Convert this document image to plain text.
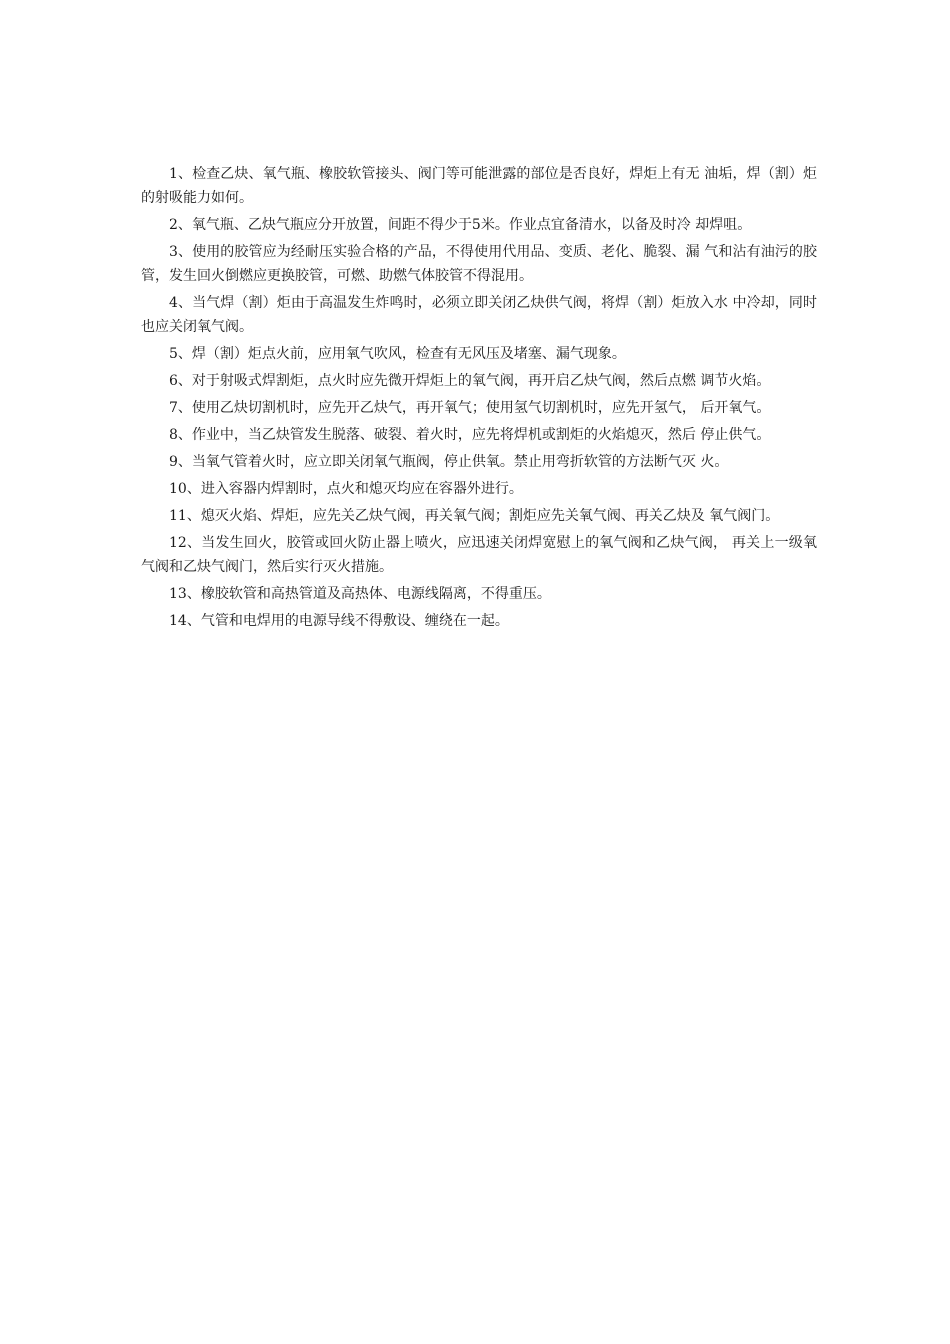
1、检查乙炔、氧气瓶、橡胶软管接头、阀门等可能泄露的部位是否良好，焊炬上有无 油垢，焊（割）炬的射吸能力如何。

2、氧气瓶、乙炔气瓶应分开放置，间距不得少于5米。作业点宜备清水，以备及时冷 却焊咀。

3、使用的胶管应为经耐压实验合格的产品，不得使用代用品、变质、老化、脆裂、漏 气和沾有油污的胶管，发生回火倒燃应更换胶管，可燃、助燃气体胶管不得混用。

4、当气焊（割）炬由于高温发生炸鸣时，必须立即关闭乙炔供气阀，将焊（割）炬放入水 中冷却，同时也应关闭氧气阀。

5、焊（割）炬点火前，应用氧气吹风，检查有无风压及堵塞、漏气现象。

6、对于射吸式焊割炬，点火时应先微开焊炬上的氧气阀，再开启乙炔气阀，然后点燃 调节火焰。

7、使用乙炔切割机时，应先开乙炔气，再开氧气；使用氢气切割机时，应先开氢气， 后开氧气。

8、作业中，当乙炔管发生脱落、破裂、着火时，应先将焊机或割炬的火焰熄灭，然后 停止供气。

9、当氧气管着火时，应立即关闭氧气瓶阀，停止供氧。禁止用弯折软管的方法断气灭 火。

10、进入容器内焊割时，点火和熄灭均应在容器外进行。

11、熄灭火焰、焊炬，应先关乙炔气阀，再关氧气阀；割炬应先关氧气阀、再关乙炔及 氧气阀门。

12、当发生回火，胶管或回火防止器上喷火，应迅速关闭焊宽慰上的氧气阀和乙炔气阀， 再关上一级氧气阀和乙炔气阀门，然后实行灭火措施。

13、橡胶软管和高热管道及高热体、电源线隔离，不得重压。

14、气管和电焊用的电源导线不得敷设、缠绕在一起。
